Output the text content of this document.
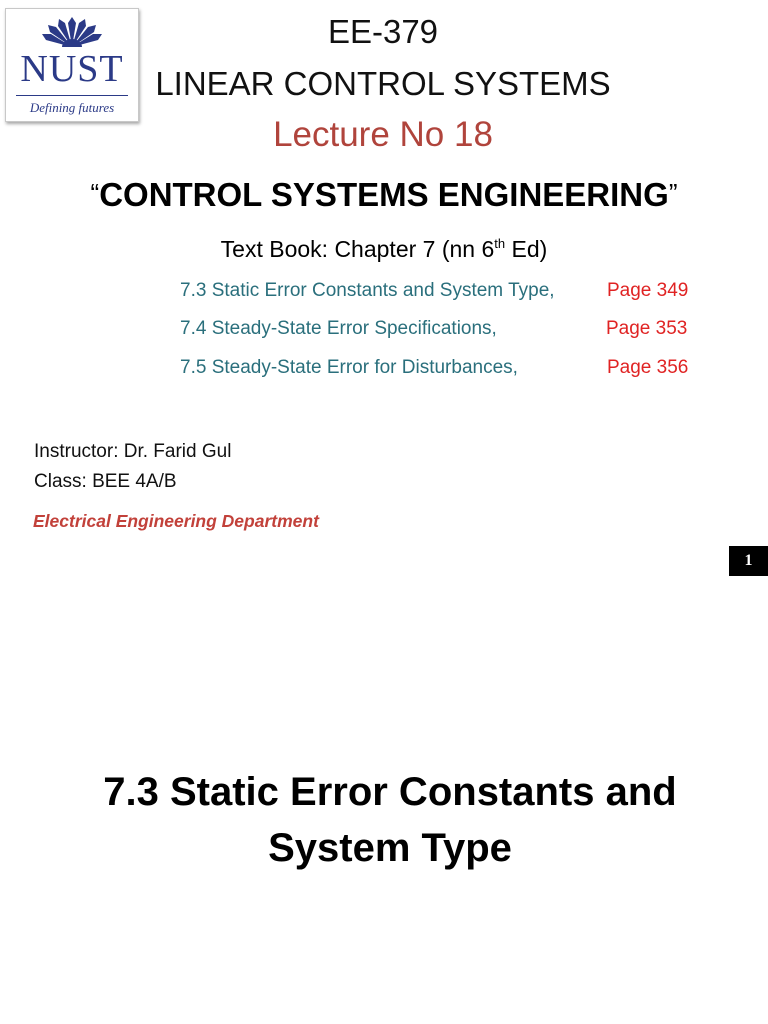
NUST
Defining futures
EE-379
LINEAR CONTROL SYSTEMS
Lecture No 18
“CONTROL SYSTEMS ENGINEERING”
Text Book: Chapter 7 (nn 6th Ed)
7.3 Static Error Constants and System Type,	Page 349
7.4 Steady-State Error Specifications,	Page 353
7.5 Steady-State Error for Disturbances,	Page 356
Instructor: Dr. Farid Gul
Class: BEE 4A/B
Electrical Engineering Department
1
7.3 Static Error Constants and
System Type
